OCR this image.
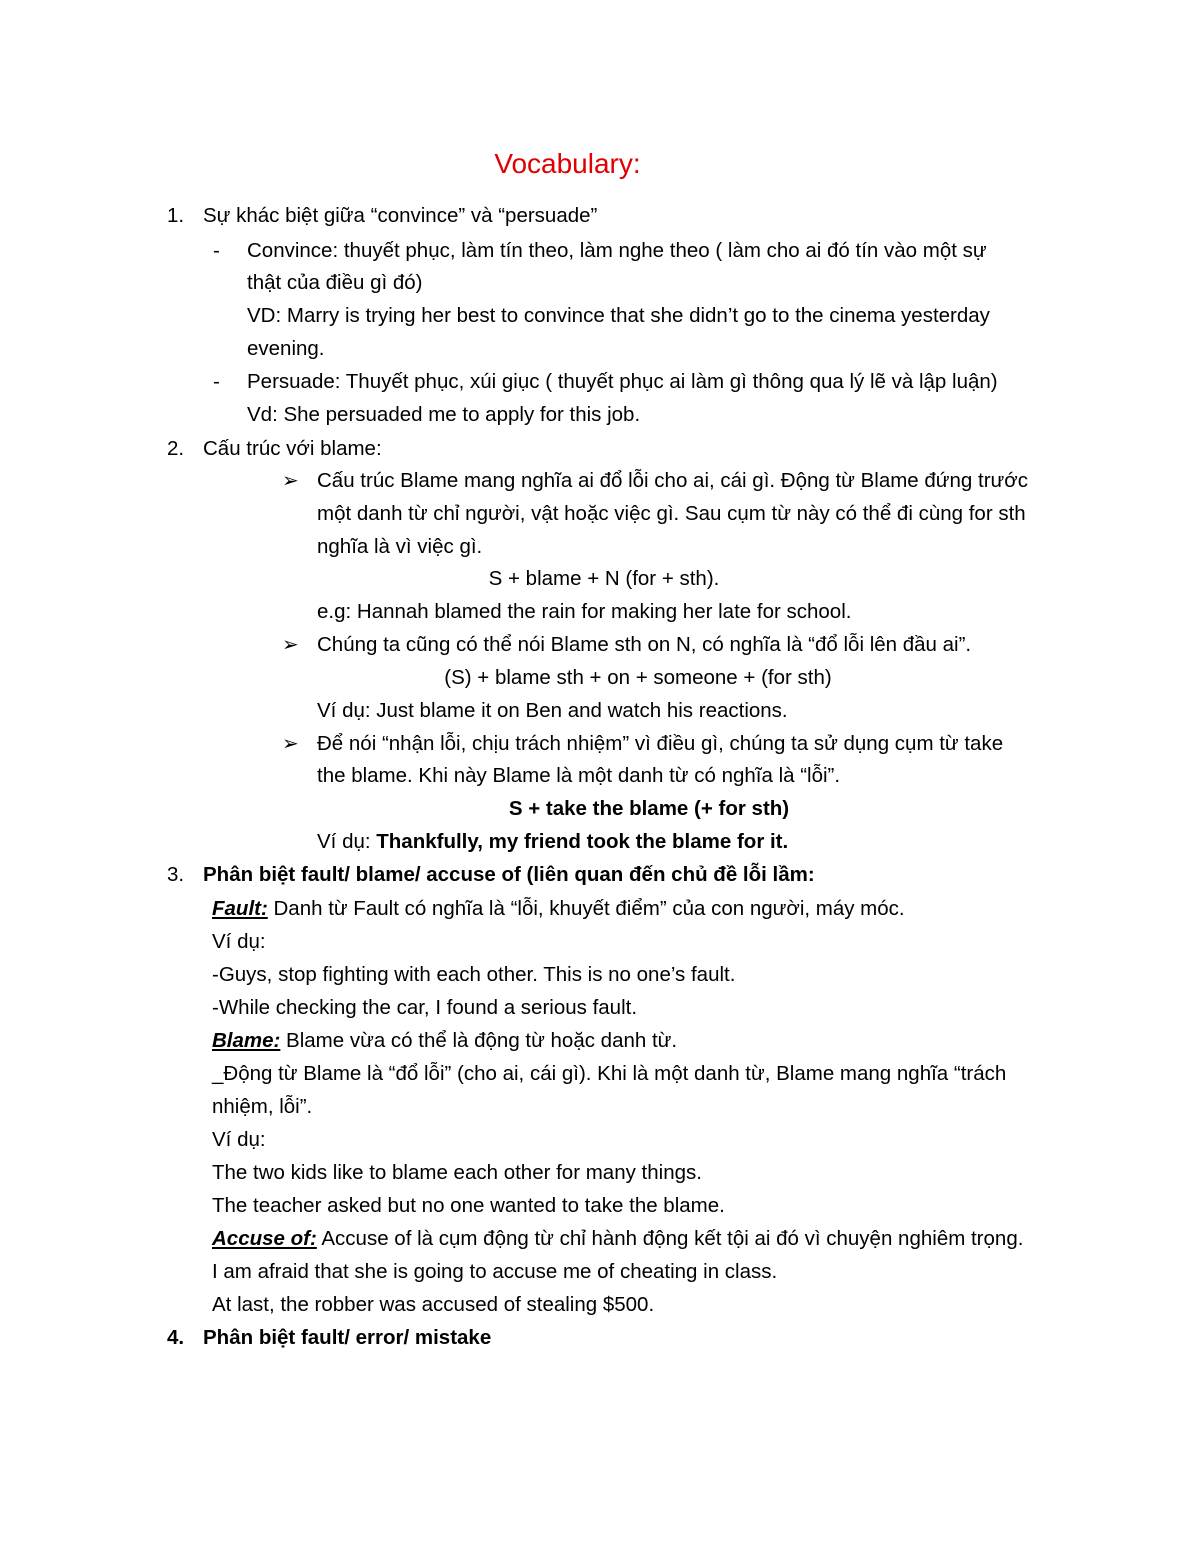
Vocabulary:
1. Sự khác biệt giữa “convince” và “persuade”
- Convince: thuyết phục, làm tín theo, làm nghe theo ( làm cho ai đó tín vào một sự
thật của điều gì đó)
VD: Marry is trying her best to convince that she didn’t go to the cinema yesterday
evening.
- Persuade: Thuyết phục, xúi giục ( thuyết phục ai làm gì thông qua lý lẽ và lập luận)
Vd: She persuaded me to apply for this job.
2. Cấu trúc với blame:
➢ Cấu trúc Blame mang nghĩa ai đổ lỗi cho ai, cái gì. Động từ Blame đứng trước
một danh từ chỉ người, vật hoặc việc gì. Sau cụm từ này có thể đi cùng for sth
nghĩa là vì việc gì.
S + blame + N (for + sth).
e.g: Hannah blamed the rain for making her late for school.
➢ Chúng ta cũng có thể nói Blame sth on N, có nghĩa là “đổ lỗi lên đầu ai”.
(S) + blame sth + on + someone + (for sth)
Ví dụ: Just blame it on Ben and watch his reactions.
➢ Để nói “nhận lỗi, chịu trách nhiệm” vì điều gì, chúng ta sử dụng cụm từ take
the blame. Khi này Blame là một danh từ có nghĩa là “lỗi”.
S + take the blame (+ for sth)
Ví dụ: Thankfully, my friend took the blame for it.
3. Phân biệt fault/ blame/ accuse of (liên quan đến chủ đề lỗi lầm:
Fault: Danh từ Fault có nghĩa là “lỗi, khuyết điểm” của con người, máy móc.
Ví dụ:
-Guys, stop fighting with each other. This is no one’s fault.
-While checking the car, I found a serious fault.
Blame: Blame vừa có thể là động từ hoặc danh từ.
_Động từ Blame là “đổ lỗi” (cho ai, cái gì). Khi là một danh từ, Blame mang nghĩa “trách
nhiệm, lỗi”.
Ví dụ:
The two kids like to blame each other for many things.
The teacher asked but no one wanted to take the blame.
Accuse of: Accuse of là cụm động từ chỉ hành động kết tội ai đó vì chuyện nghiêm trọng.
I am afraid that she is going to accuse me of cheating in class.
At last, the robber was accused of stealing $500.
4. Phân biệt fault/ error/ mistake
